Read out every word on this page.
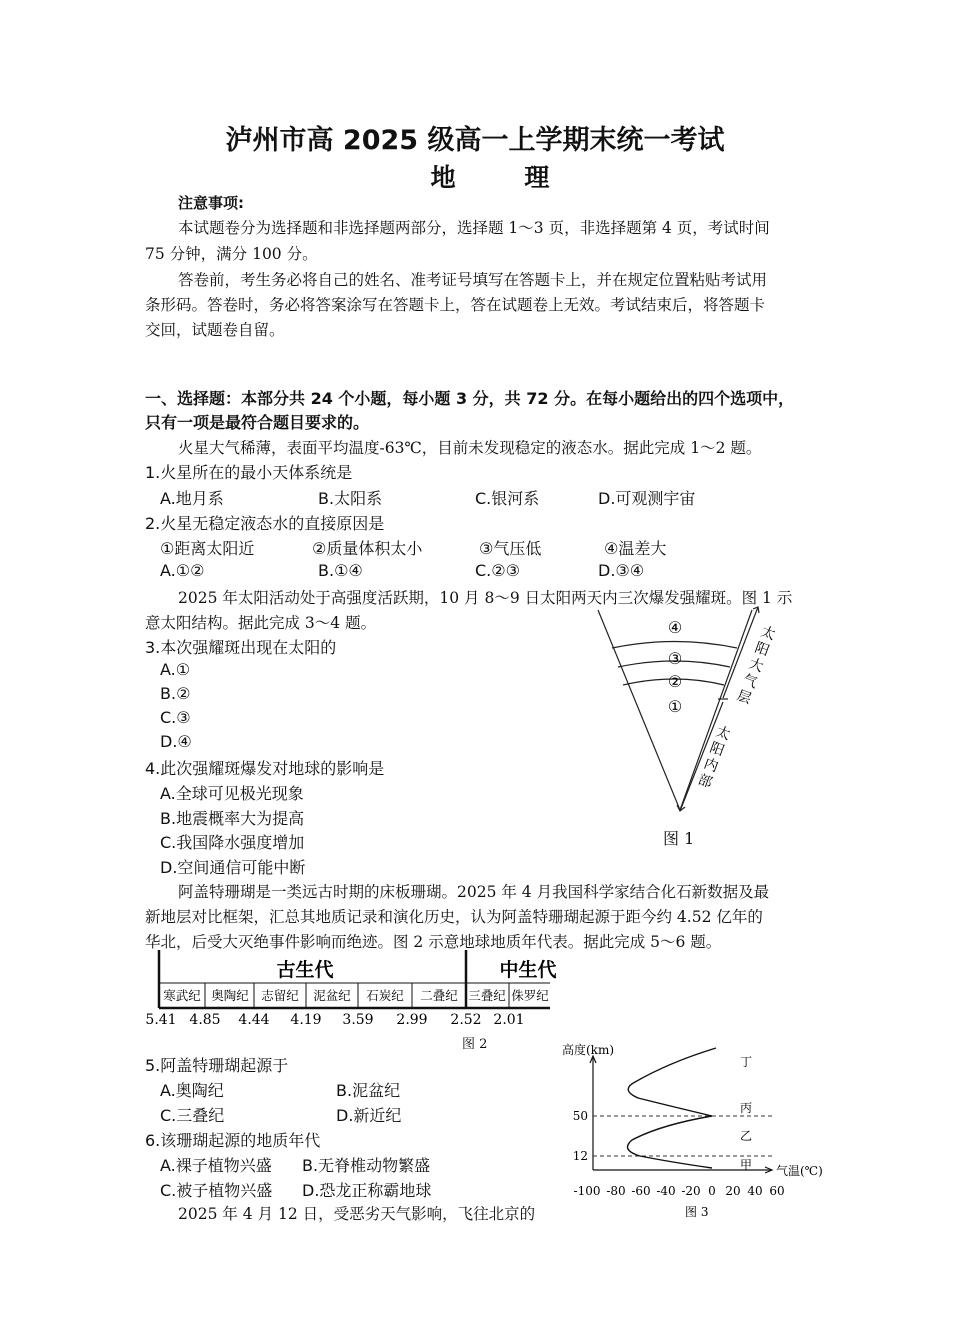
泸州市高 2025 级高一上学期末统一考试
地 理
注意事项:
本试题卷分为选择题和非选择题两部分，选择题 1～3 页，非选择题第 4 页，考试时间
75 分钟，满分 100 分。
答卷前，考生务必将自己的姓名、准考证号填写在答题卡上，并在规定位置粘贴考试用
条形码。答卷时，务必将答案涂写在答题卡上，答在试题卷上无效。考试结束后，将答题卡
交回，试题卷自留。
一、选择题：本部分共 24 个小题，每小题 3 分，共 72 分。在每小题给出的四个选项中，
只有一项是最符合题目要求的。
火星大气稀薄，表面平均温度-63℃，目前未发现稳定的液态水。据此完成 1～2 题。
1.火星所在的最小天体系统是
A.地月系	B.太阳系	C.银河系	D.可观测宇宙
2.火星无稳定液态水的直接原因是
①距离太阳近	②质量体积太小	③气压低	④温差大
A.①②	B.①④	C.②③	D.③④
2025 年太阳活动处于高强度活跃期，10 月 8～9 日太阳两天内三次爆发强耀斑。图 1 示
意太阳结构。据此完成 3～4 题。
3.本次强耀斑出现在太阳的
A.①
B.②
C.③
D.④
4.此次强耀斑爆发对地球的影响是
A.全球可见极光现象
B.地震概率大为提高
C.我国降水强度增加
D.空间通信可能中断
④
③
②
①
太
阳
大
气
层
太
阳
内
部
图 1
阿盖特珊瑚是一类远古时期的床板珊瑚。2025 年 4 月我国科学家结合化石新数据及最
新地层对比框架，汇总其地质记录和演化历史，认为阿盖特珊瑚起源于距今约 4.52 亿年的
华北，后受大灭绝事件影响而绝迹。图 2 示意地球地质年代表。据此完成 5～6 题。
古生代	中生代
寒武纪 奥陶纪 志留纪 泥盆纪 石炭纪 二叠纪 三叠纪 侏罗纪
5.41 4.85 4.44 4.19 3.59 2.99 2.52 2.01
图 2
5.阿盖特珊瑚起源于
A.奥陶纪	B.泥盆纪
C.三叠纪	D.新近纪
6.该珊瑚起源的地质年代
A.裸子植物兴盛 B.无脊椎动物繁盛
C.被子植物兴盛 D.恐龙正称霸地球
2025 年 4 月 12 日，受恶劣天气影响，飞往北京的
高度(km)
50
12
丁
丙
乙
甲 气温(℃)
-100 -80 -60 -40 -20 0 20 40 60
图 3
